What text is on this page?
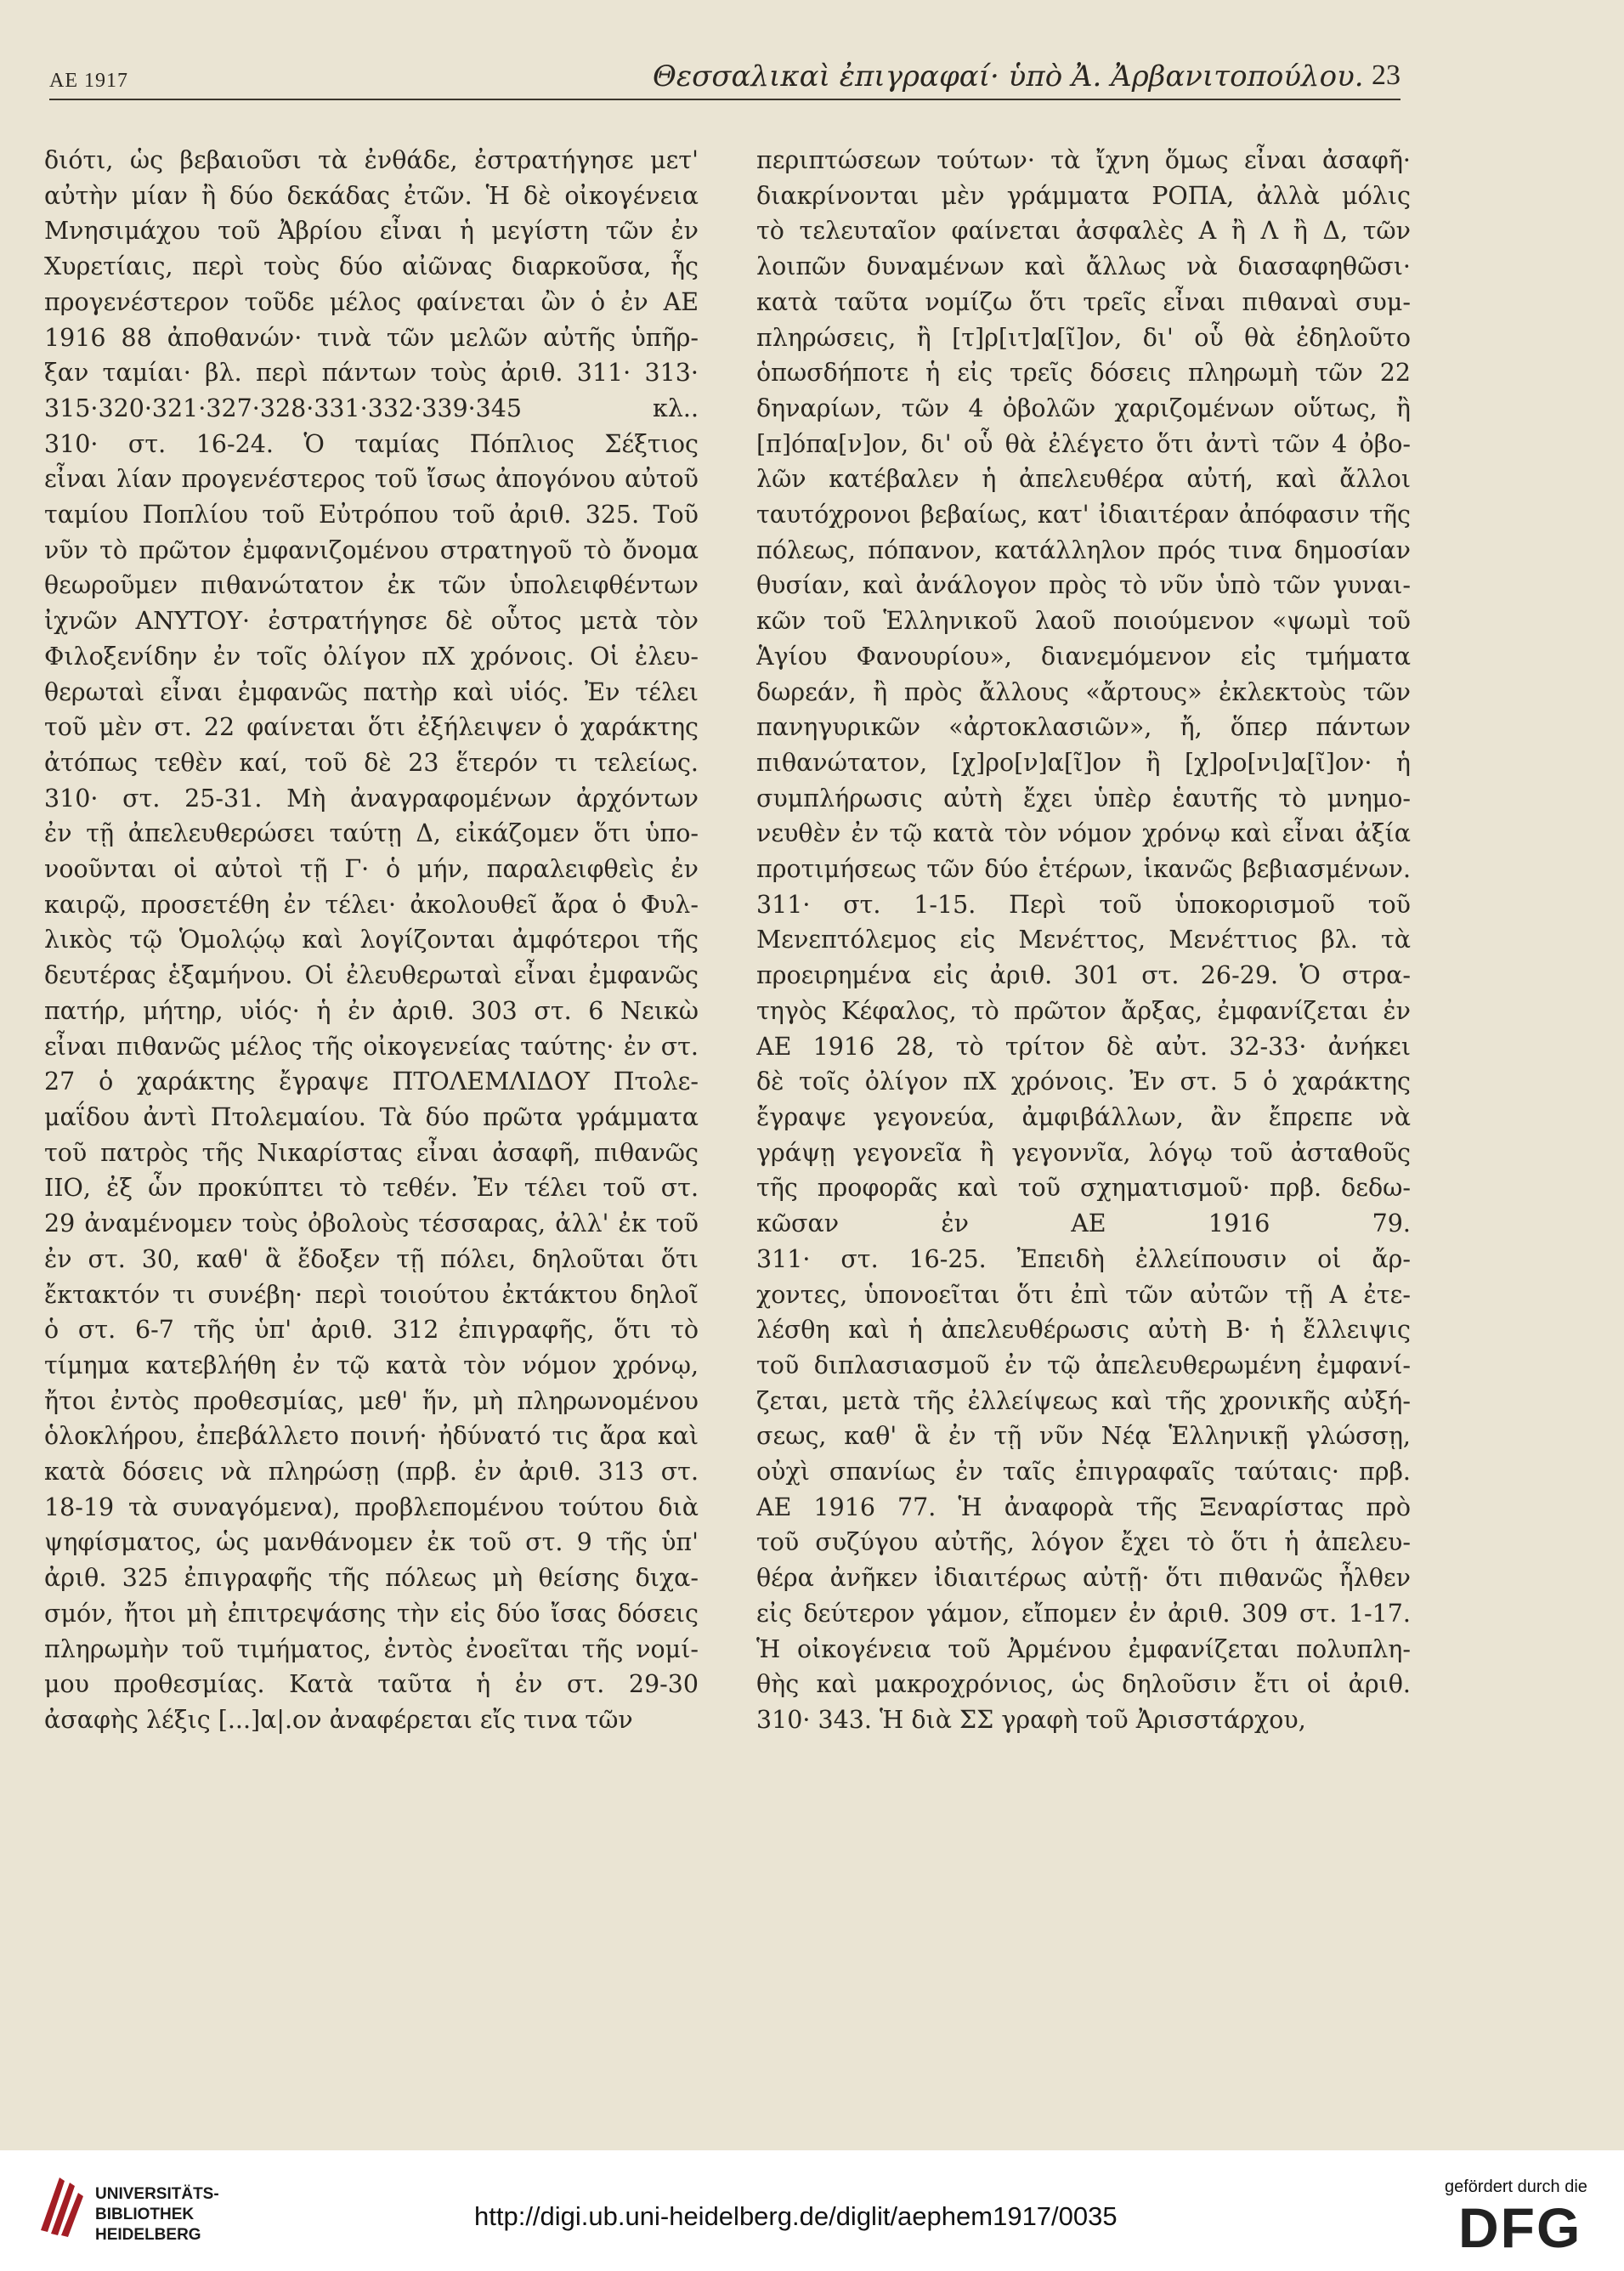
AE 1917	Θεσσαλικαὶ ἐπιγραφαί· ὑπὸ Ἀ. Ἀρβανιτοπούλου. 23

διότι, ὡς βεβαιοῦσι τὰ ἐνθάδε, ἐστρατήγησε μετ'

αὐτὴν μίαν ἢ δύο δεκάδας ἐτῶν. Ἡ δὲ οἰκογένεια

Μνησιμάχου τοῦ Ἀβρίου εἶναι ἡ μεγίστη τῶν ἐν

Χυρετίαις, περὶ τοὺς δύο αἰῶνας διαρκοῦσα, ἧς

προγενέστερον τοῦδε μέλος φαίνεται ὢν ὁ ἐν ΑΕ

1916 88 ἀποθανών· τινὰ τῶν μελῶν αὐτῆς ὑπῆρ-

ξαν ταμίαι· βλ. περὶ πάντων τοὺς ἀριθ. 311· 313·

315·320·321·327·328·331·332·339·345 κλ..

310· στ. 16-24. Ὁ ταμίας Πόπλιος Σέξτιος

εἶναι λίαν προγενέστερος τοῦ ἴσως ἀπογόνου αὐτοῦ

ταμίου Ποπλίου τοῦ Εὐτρόπου τοῦ ἀριθ. 325. Τοῦ

νῦν τὸ πρῶτον ἐμφανιζομένου στρατηγοῦ τὸ ὄνομα

θεωροῦμεν πιθανώτατον ἐκ τῶν ὑπολειφθέντων

ἰχνῶν ΑΝΥΤΟΥ· ἐστρατήγησε δὲ οὗτος μετὰ τὸν

Φιλοξενίδην ἐν τοῖς ὀλίγον πΧ χρόνοις. Οἱ ἐλευ-

θερωταὶ εἶναι ἐμφανῶς πατὴρ καὶ υἱός. Ἐν τέλει

τοῦ μὲν στ. 22 φαίνεται ὅτι ἐξήλειψεν ὁ χαράκτης

ἀτόπως τεθὲν καί, τοῦ δὲ 23 ἕτερόν τι τελείως.

310· στ. 25-31. Μὴ ἀναγραφομένων ἀρχόντων

ἐν τῇ ἀπελευθερώσει ταύτῃ Δ, εἰκάζομεν ὅτι ὑπο-

νοοῦνται οἱ αὐτοὶ τῇ Γ· ὁ μήν, παραλειφθεὶς ἐν

καιρῷ, προσετέθη ἐν τέλει· ἀκολουθεῖ ἄρα ὁ Φυλ-

λικὸς τῷ Ὁμολῴῳ καὶ λογίζονται ἀμφότεροι τῆς

δευτέρας ἑξαμήνου. Οἱ ἐλευθερωταὶ εἶναι ἐμφανῶς

πατήρ, μήτηρ, υἱός· ἡ ἐν ἀριθ. 303 στ. 6 Νεικὼ

εἶναι πιθανῶς μέλος τῆς οἰκογενείας ταύτης· ἐν στ.

27 ὁ χαράκτης ἔγραψε ΠΤΟΛΕΜΛΙΔΟΥ Πτολε-

μαΐδου ἀντὶ Πτολεμαίου. Τὰ δύο πρῶτα γράμματα

τοῦ πατρὸς τῆς Νικαρίστας εἶναι ἀσαφῆ, πιθανῶς

ΙΙΟ, ἐξ ὧν προκύπτει τὸ τεθέν. Ἐν τέλει τοῦ στ.

29 ἀναμένομεν τοὺς ὀβολοὺς τέσσαρας, ἀλλ' ἐκ τοῦ

ἐν στ. 30, καθ' ἃ ἔδοξεν τῇ πόλει, δηλοῦται ὅτι

ἔκτακτόν τι συνέβη· περὶ τοιούτου ἐκτάκτου δηλοῖ

ὁ στ. 6-7 τῆς ὑπ' ἀριθ. 312 ἐπιγραφῆς, ὅτι τὸ

τίμημα κατεβλήθη ἐν τῷ κατὰ τὸν νόμον χρόνῳ,

ἤτοι ἐντὸς προθεσμίας, μεθ' ἥν, μὴ πληρωνομένου

ὁλοκλήρου, ἐπεβάλλετο ποινή· ἠδύνατό τις ἄρα καὶ

κατὰ δόσεις νὰ πληρώσῃ (πρβ. ἐν ἀριθ. 313 στ.

18-19 τὰ συναγόμενα), προβλεπομένου τούτου διὰ

ψηφίσματος, ὡς μανθάνομεν ἐκ τοῦ στ. 9 τῆς ὑπ'

ἀριθ. 325 ἐπιγραφῆς τῆς πόλεως μὴ θείσης διχα-

σμόν, ἤτοι μὴ ἐπιτρεψάσης τὴν εἰς δύο ἴσας δόσεις

πληρωμὴν τοῦ τιμήματος, ἐντὸς ἐνοεῖται τῆς νομί-

μου προθεσμίας. Κατὰ ταῦτα ἡ ἐν στ. 29-30

ἀσαφὴς λέξις [...]α|.ον ἀναφέρεται εἴς τινα τῶν

περιπτώσεων τούτων· τὰ ἴχνη ὅμως εἶναι ἀσαφῆ·

διακρίνονται μὲν γράμματα ΡΟΠΑ, ἀλλὰ μόλις

τὸ τελευταῖον φαίνεται ἀσφαλὲς Α ἢ Λ ἢ Δ, τῶν

λοιπῶν δυναμένων καὶ ἄλλως νὰ διασαφηθῶσι·

κατὰ ταῦτα νομίζω ὅτι τρεῖς εἶναι πιθαναὶ συμ-

πληρώσεις, ἢ [τ]ρ[ιτ]α[ῖ]ον, δι' οὗ θὰ ἐδηλοῦτο

ὁπωσδήποτε ἡ εἰς τρεῖς δόσεις πληρωμὴ τῶν 22

δηναρίων, τῶν 4 ὀβολῶν χαριζομένων οὕτως, ἢ

[π]όπα[ν]ον, δι' οὗ θὰ ἐλέγετο ὅτι ἀντὶ τῶν 4 ὀβο-

λῶν κατέβαλεν ἡ ἀπελευθέρα αὐτή, καὶ ἄλλοι

ταυτόχρονοι βεβαίως, κατ' ἰδιαιτέραν ἀπόφασιν τῆς

πόλεως, πόπανον, κατάλληλον πρός τινα δημοσίαν

θυσίαν, καὶ ἀνάλογον πρὸς τὸ νῦν ὑπὸ τῶν γυναι-

κῶν τοῦ Ἑλληνικοῦ λαοῦ ποιούμενον «ψωμὶ τοῦ

Ἁγίου Φανουρίου», διανεμόμενον εἰς τμήματα

δωρεάν, ἢ πρὸς ἄλλους «ἄρτους» ἐκλεκτοὺς τῶν

πανηγυρικῶν «ἀρτοκλασιῶν», ἤ, ὅπερ πάντων

πιθανώτατον, [χ]ρο[ν]α[ῖ]ον ἢ [χ]ρο[νι]α[ῖ]ον· ἡ

συμπλήρωσις αὐτὴ ἔχει ὑπὲρ ἑαυτῆς τὸ μνημο-

νευθὲν ἐν τῷ κατὰ τὸν νόμον χρόνῳ καὶ εἶναι ἀξία

προτιμήσεως τῶν δύο ἑτέρων, ἱκανῶς βεβιασμένων.

311· στ. 1-15. Περὶ τοῦ ὑποκορισμοῦ τοῦ

Μενεπτόλεμος εἰς Μενέττος, Μενέττιος βλ. τὰ

προειρημένα εἰς ἀριθ. 301 στ. 26-29. Ὁ στρα-

τηγὸς Κέφαλος, τὸ πρῶτον ἄρξας, ἐμφανίζεται ἐν

ΑΕ 1916 28, τὸ τρίτον δὲ αὐτ. 32-33· ἀνήκει

δὲ τοῖς ὀλίγον πΧ χρόνοις. Ἐν στ. 5 ὁ χαράκτης

ἔγραψε γεγονεύα, ἀμφιβάλλων, ἂν ἔπρεπε νὰ

γράψῃ γεγονεῖα ἢ γεγοννῖα, λόγῳ τοῦ ἀσταθοῦς

τῆς προφορᾶς καὶ τοῦ σχηματισμοῦ· πρβ. δεδω-

κῶσαν ἐν ΑΕ 1916 79.

311· στ. 16-25. Ἐπειδὴ ἐλλείπουσιν οἱ ἄρ-

χοντες, ὑπονοεῖται ὅτι ἐπὶ τῶν αὐτῶν τῇ Α ἐτε-

λέσθη καὶ ἡ ἀπελευθέρωσις αὐτὴ Β· ἡ ἔλλειψις

τοῦ διπλασιασμοῦ ἐν τῷ ἀπελευθερωμένη ἐμφανί-

ζεται, μετὰ τῆς ἐλλείψεως καὶ τῆς χρονικῆς αὐξή-

σεως, καθ' ἃ ἐν τῇ νῦν Νέᾳ Ἑλληνικῇ γλώσσῃ,

οὐχὶ σπανίως ἐν ταῖς ἐπιγραφαῖς ταύταις· πρβ.

ΑΕ 1916 77. Ἡ ἀναφορὰ τῆς Ξεναρίστας πρὸ

τοῦ συζύγου αὐτῆς, λόγον ἔχει τὸ ὅτι ἡ ἀπελευ-

θέρα ἀνῆκεν ἰδιαιτέρως αὐτῇ· ὅτι πιθανῶς ἦλθεν

εἰς δεύτερον γάμον, εἴπομεν ἐν ἀριθ. 309 στ. 1-17.

Ἡ οἰκογένεια τοῦ Ἀρμένου ἐμφανίζεται πολυπλη-

θὴς καὶ μακροχρόνιος, ὡς δηλοῦσιν ἔτι οἱ ἀριθ.

310· 343. Ἡ διὰ ΣΣ γραφὴ τοῦ Ἀρισστάρχου,

UNIVERSITÄTS-
BIBLIOTHEK
HEIDELBERG
http://digi.ub.uni-heidelberg.de/diglit/aephem1917/0035
gefördert durch die
DFG
